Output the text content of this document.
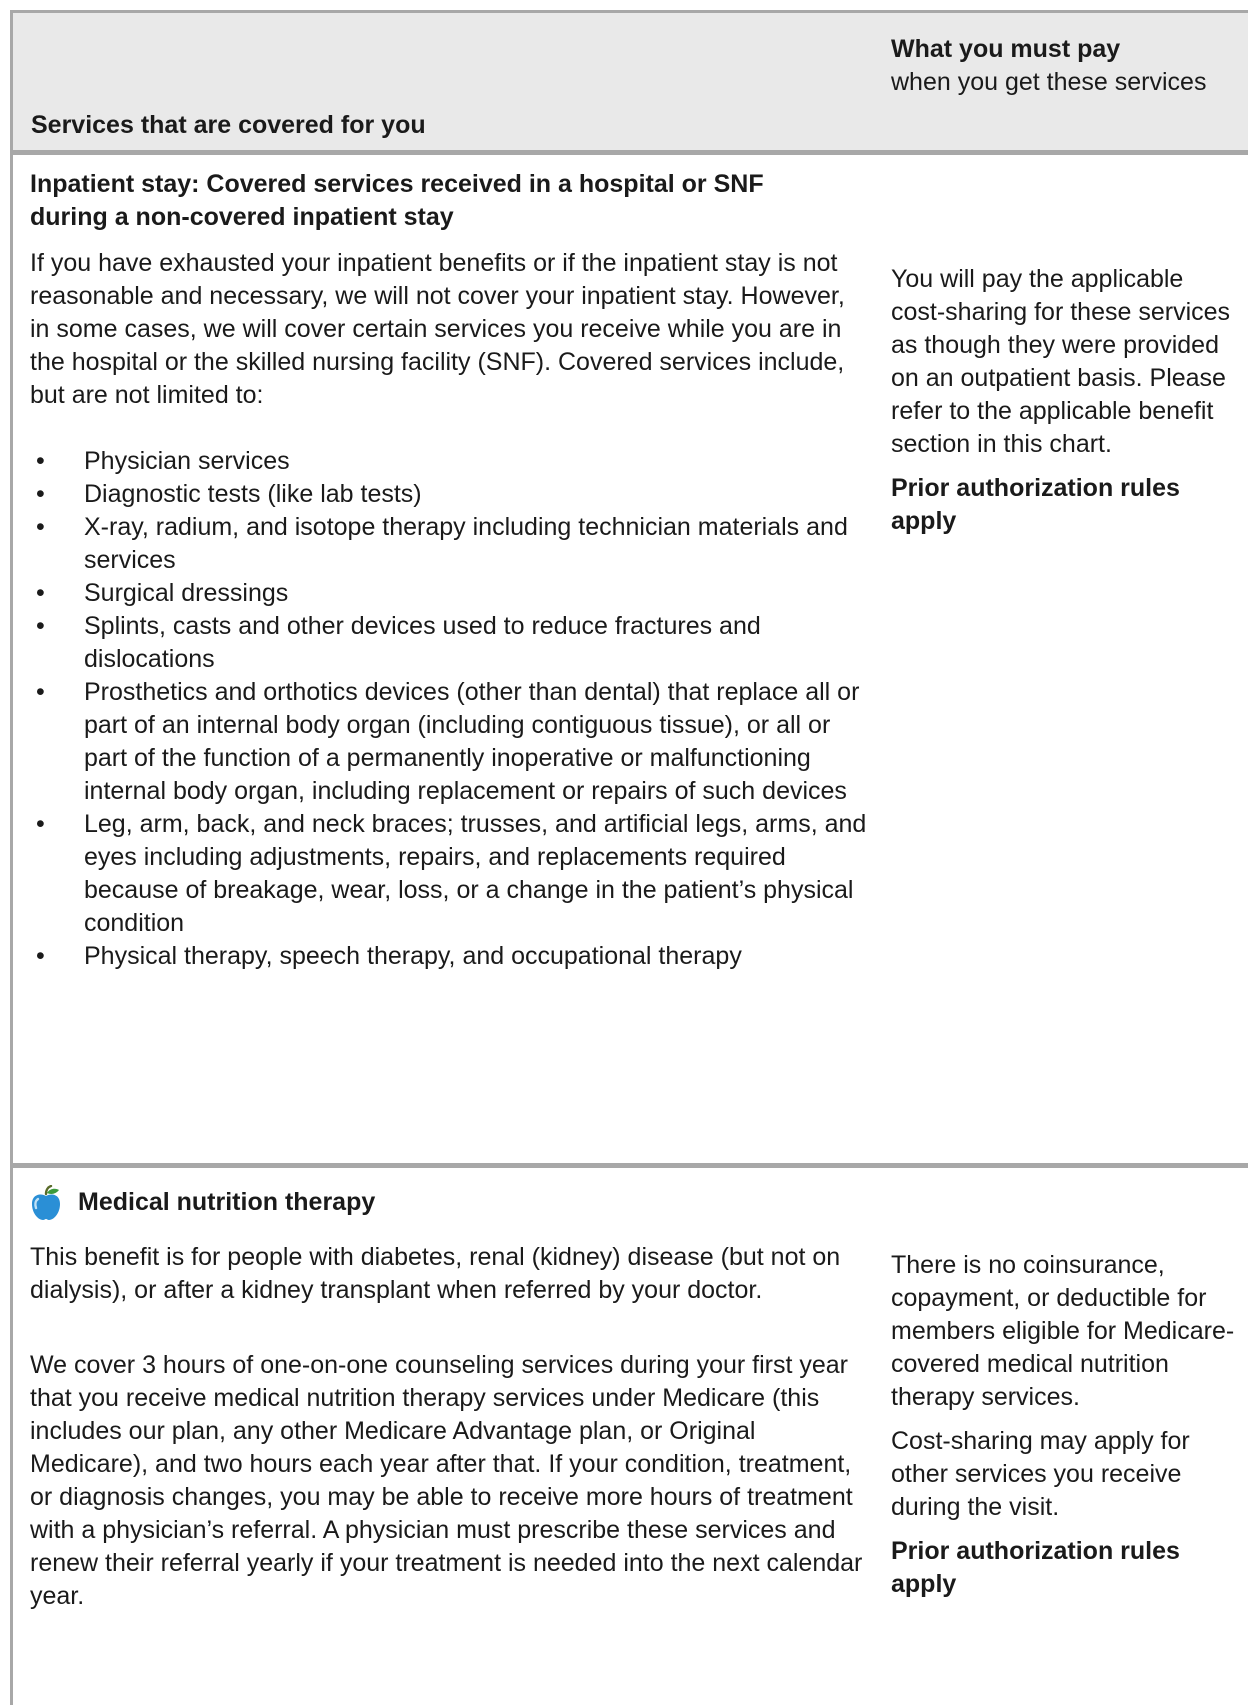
Services that are covered for you
What you must pay
when you get these services
Inpatient stay: Covered services received in a hospital or SNF during a non-covered inpatient stay

If you have exhausted your inpatient benefits or if the inpatient stay is not reasonable and necessary, we will not cover your inpatient stay. However, in some cases, we will cover certain services you receive while you are in the hospital or the skilled nursing facility (SNF). Covered services include, but are not limited to:

• Physician services
• Diagnostic tests (like lab tests)
• X-ray, radium, and isotope therapy including technician materials and services
• Surgical dressings
• Splints, casts and other devices used to reduce fractures and dislocations
• Prosthetics and orthotics devices (other than dental) that replace all or part of an internal body organ (including contiguous tissue), or all or part of the function of a permanently inoperative or malfunctioning internal body organ, including replacement or repairs of such devices
• Leg, arm, back, and neck braces; trusses, and artificial legs, arms, and eyes including adjustments, repairs, and replacements required because of breakage, wear, loss, or a change in the patient’s physical condition
• Physical therapy, speech therapy, and occupational therapy

You will pay the applicable cost-sharing for these services as though they were provided on an outpatient basis. Please refer to the applicable benefit section in this chart.

Prior authorization rules apply

Medical nutrition therapy

This benefit is for people with diabetes, renal (kidney) disease (but not on dialysis), or after a kidney transplant when referred by your doctor.

We cover 3 hours of one-on-one counseling services during your first year that you receive medical nutrition therapy services under Medicare (this includes our plan, any other Medicare Advantage plan, or Original Medicare), and two hours each year after that. If your condition, treatment, or diagnosis changes, you may be able to receive more hours of treatment with a physician’s referral. A physician must prescribe these services and renew their referral yearly if your treatment is needed into the next calendar year.

There is no coinsurance, copayment, or deductible for members eligible for Medicare-covered medical nutrition therapy services.

Cost-sharing may apply for other services you receive during the visit.

Prior authorization rules apply
